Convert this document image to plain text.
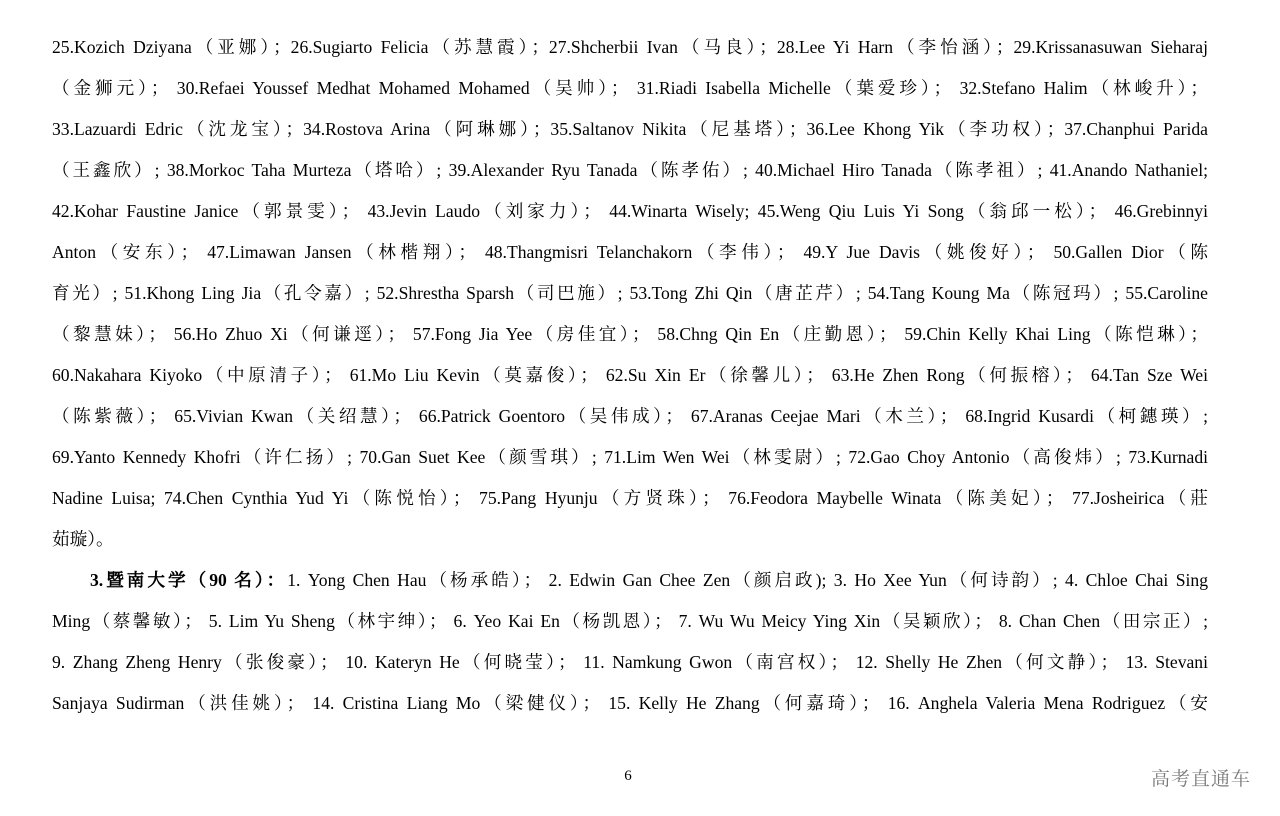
25.Kozich Dziyana（亚娜）；26.Sugiarto Felicia（苏慧霞）；27.Shcherbii Ivan（马良）；28.Lee Yi Harn（李怡涵）；29.Krissanasuwan Sieharaj
（金狮元）； 30.Refaei Youssef Medhat Mohamed Mohamed（吴帅）； 31.Riadi Isabella Michelle（葉爱珍）； 32.Stefano Halim（林峻升）；
33.Lazuardi Edric（沈龙宝）；34.Rostova Arina（阿琳娜）；35.Saltanov Nikita（尼基塔）；36.Lee Khong Yik（李功权）；37.Chanphui Parida
（王鑫欣）; 38.Morkoc Taha Murteza（塔哈）; 39.Alexander Ryu Tanada（陈孝佑）; 40.Michael Hiro Tanada（陈孝祖）; 41.Anando Nathaniel;
42.Kohar Faustine Janice（郭景雯）； 43.Jevin Laudo（刘家力）； 44.Winarta Wisely; 45.Weng Qiu Luis Yi Song（翁邱一松）； 46.Grebinnyi
Anton（安东）； 47.Limawan Jansen（林楷翔）； 48.Thangmisri Telanchakorn（李伟）； 49.Y Jue Davis（姚俊好）； 50.Gallen Dior（陈
育光）; 51.Khong Ling Jia（孔令嘉）; 52.Shrestha Sparsh（司巴施）; 53.Tong Zhi Qin（唐芷芹）; 54.Tang Koung Ma（陈冠玛）; 55.Caroline
（黎慧妹）； 56.Ho Zhuo Xi（何谦逕）； 57.Fong Jia Yee（房佳宜）； 58.Chng Qin En（庄勤恩）； 59.Chin Kelly Khai Ling（陈恺琳）；
60.Nakahara Kiyoko（中原清子）； 61.Mo Liu Kevin（莫嘉俊）； 62.Su Xin Er（徐馨儿）； 63.He Zhen Rong（何振榕）； 64.Tan Sze Wei
（陈紫薇）； 65.Vivian Kwan（关绍慧）； 66.Patrick Goentoro（吴伟成）； 67.Aranas Ceejae Mari（木兰）； 68.Ingrid Kusardi（柯鏸瑛）;
69.Yanto Kennedy Khofri（许仁扬）; 70.Gan Suet Kee（颜雪琪）; 71.Lim Wen Wei（林雯尉）; 72.Gao Choy Antonio（高俊炜）; 73.Kurnadi
Nadine Luisa; 74.Chen Cynthia Yud Yi（陈悦怡）； 75.Pang Hyunju（方贤珠）； 76.Feodora Maybelle Winata（陈美妃）； 77.Josheirica（莊
茹璇）。
3.暨南大学（90 名）：1. Yong Chen Hau（杨承皓）； 2. Edwin Gan Chee Zen（颜启政); 3. Ho Xee Yun（何诗韵）; 4. Chloe Chai Sing
Ming（蔡馨敏）； 5. Lim Yu Sheng（林宇绅）； 6. Yeo Kai En（杨凯恩）； 7. Wu Wu Meicy Ying Xin（吴颖欣）； 8. Chan Chen（田宗正）;
9. Zhang Zheng Henry（张俊豪）； 10. Kateryn He（何晓莹）； 11. Namkung Gwon（南宫权）； 12. Shelly He Zhen（何文静）； 13. Stevani
Sanjaya Sudirman（洪佳姚）； 14. Cristina Liang Mo（梁健仪）； 15. Kelly He Zhang（何嘉琦）； 16. Anghela Valeria Mena Rodriguez（安
6	高考直通车
